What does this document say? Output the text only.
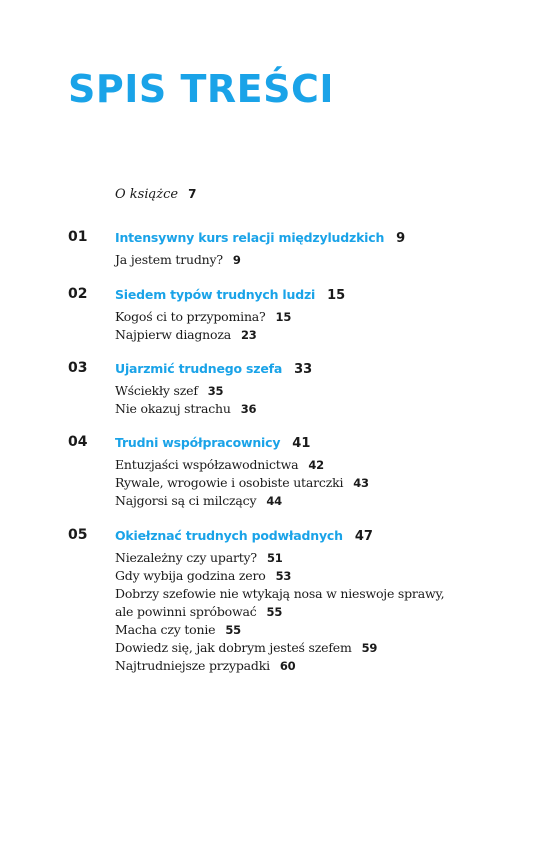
SPIS TREŚCI
O książce 7
01 Intensywny kurs relacji międzyludzkich 9
Ja jestem trudny? 9
02 Siedem typów trudnych ludzi 15
Kogoś ci to przypomina? 15
Najpierw diagnoza 23
03 Ujarzmić trudnego szefa 33
Wściekły szef 35
Nie okazuj strachu 36
04 Trudni współpracownicy 41
Entuzjaści współzawodnictwa 42
Rywale, wrogowie i osobiste utarczki 43
Najgorsi są ci milczący 44
05 Okiełznać trudnych podwładnych 47
Niezależny czy uparty? 51
Gdy wybija godzina zero 53
Dobrzy szefowie nie wtykają nosa w nieswoje sprawy,
ale powinni spróbować 55
Macha czy tonie 55
Dowiedz się, jak dobrym jesteś szefem 59
Najtrudniejsze przypadki 60
